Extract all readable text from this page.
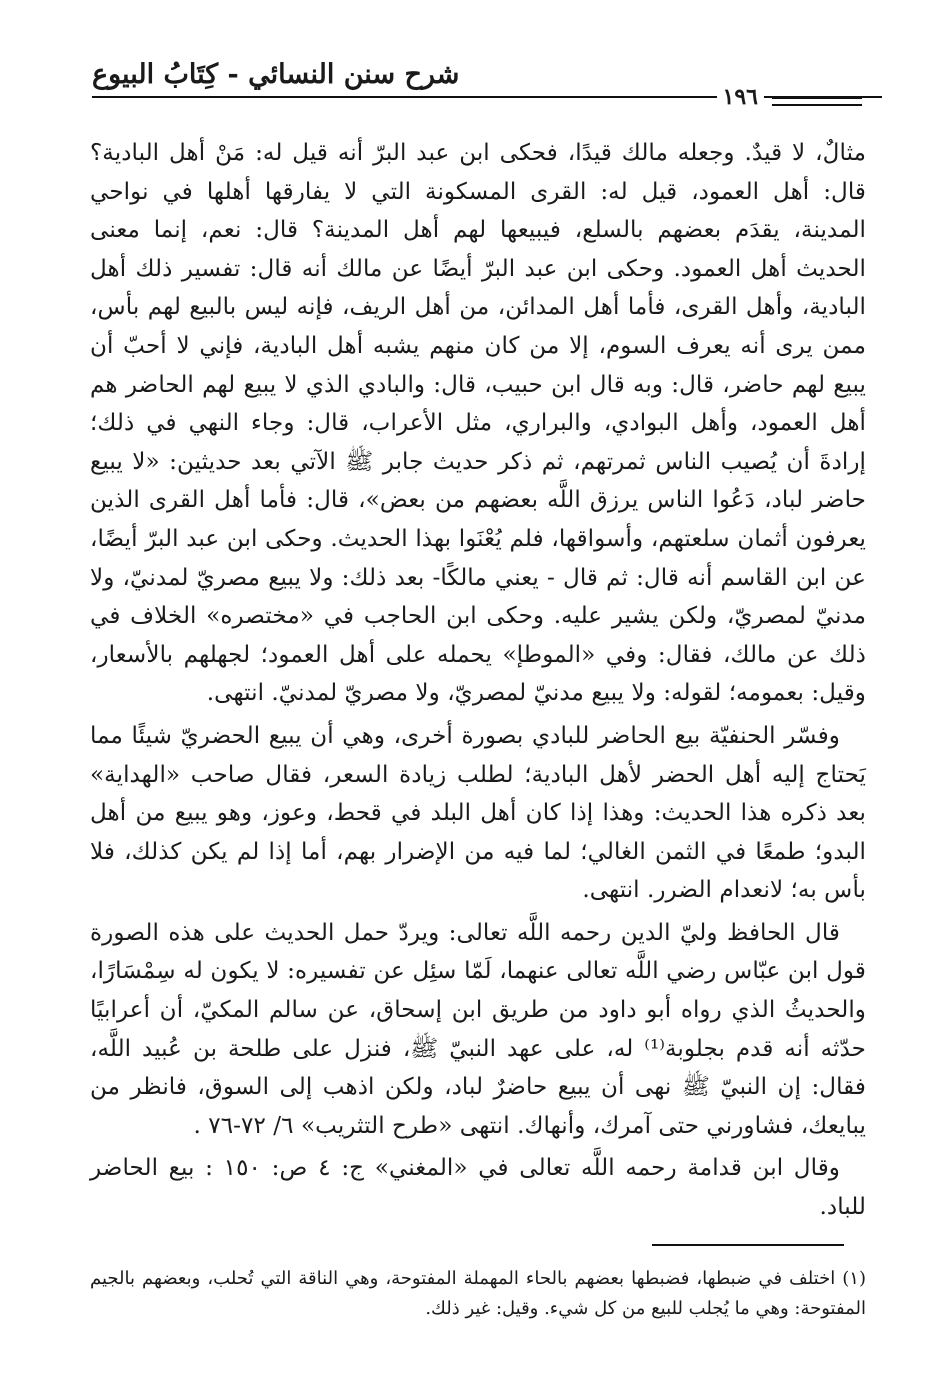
شرح سنن النسائي - كِتَابُ البيوع
١٩٦

مثالٌ، لا قيدٌ. وجعله مالك قيدًا، فحكى ابن عبد البرّ أنه قيل له: مَنْ أهل البادية؟ قال: أهل العمود، قيل له: القرى المسكونة التي لا يفارقها أهلها في نواحي المدينة، يقدَم بعضهم بالسلع، فيبيعها لهم أهل المدينة؟ قال: نعم، إنما معنى الحديث أهل العمود. وحكى ابن عبد البرّ أيضًا عن مالك أنه قال: تفسير ذلك أهل البادية، وأهل القرى، فأما أهل المدائن، من أهل الريف، فإنه ليس بالبيع لهم بأس، ممن يرى أنه يعرف السوم، إلا من كان منهم يشبه أهل البادية، فإني لا أحبّ أن يبيع لهم حاضر، قال: وبه قال ابن حبيب، قال: والبادي الذي لا يبيع لهم الحاضر هم أهل العمود، وأهل البوادي، والبراري، مثل الأعراب، قال: وجاء النهي في ذلك؛ إرادةَ أن يُصيب الناس ثمرتهم، ثم ذكر حديث جابر ﷺ الآتي بعد حديثين: «لا يبيع حاضر لباد، دَعُوا الناس يرزق اللَّه بعضهم من بعض»، قال: فأما أهل القرى الذين يعرفون أثمان سلعتهم، وأسواقها، فلم يُعْنَوا بهذا الحديث. وحكى ابن عبد البرّ أيضًا، عن ابن القاسم أنه قال: ثم قال - يعني مالكًا- بعد ذلك: ولا يبيع مصريّ لمدنيّ، ولا مدنيّ لمصريّ، ولكن يشير عليه. وحكى ابن الحاجب في «مختصره» الخلاف في ذلك عن مالك، فقال: وفي «الموطإ» يحمله على أهل العمود؛ لجهلهم بالأسعار، وقيل: بعمومه؛ لقوله: ولا يبيع مدنيّ لمصريّ، ولا مصريّ لمدنيّ. انتهى.

وفسّر الحنفيّة بيع الحاضر للبادي بصورة أخرى، وهي أن يبيع الحضريّ شيئًا مما يَحتاج إليه أهل الحضر لأهل البادية؛ لطلب زيادة السعر، فقال صاحب «الهداية» بعد ذكره هذا الحديث: وهذا إذا كان أهل البلد في قحط، وعوز، وهو يبيع من أهل البدو؛ طمعًا في الثمن الغالي؛ لما فيه من الإضرار بهم، أما إذا لم يكن كذلك، فلا بأس به؛ لانعدام الضرر. انتهى.

قال الحافظ وليّ الدين رحمه اللَّه تعالى: ويردّ حمل الحديث على هذه الصورة قول ابن عبّاس رضي اللَّه تعالى عنهما، لَمّا سئِل عن تفسيره: لا يكون له سِمْسَارًا، والحديثُ الذي رواه أبو داود من طريق ابن إسحاق، عن سالم المكيّ، أن أعرابيًا حدّثه أنه قدم بجلوبة⁽¹⁾ له، على عهد النبيّ ﷺ، فنزل على طلحة بن عُبيد اللَّه، فقال: إن النبيّ ﷺ نهى أن يبيع حاضرٌ لباد، ولكن اذهب إلى السوق، فانظر من يبايعك، فشاورني حتى آمرك، وأنهاك. انتهى «طرح التثريب» ٦/ ٧٢-٧٦ .

وقال ابن قدامة رحمه اللَّه تعالى في «المغني» ج: ٤ ص: ١٥٠ : بيع الحاضر للباد.

(١) اختلف في ضبطها، فضبطها بعضهم بالحاء المهملة المفتوحة، وهي الناقة التي تُحلب، وبعضهم بالجيم المفتوحة: وهي ما يُجلب للبيع من كل شيء. وقيل: غير ذلك.
